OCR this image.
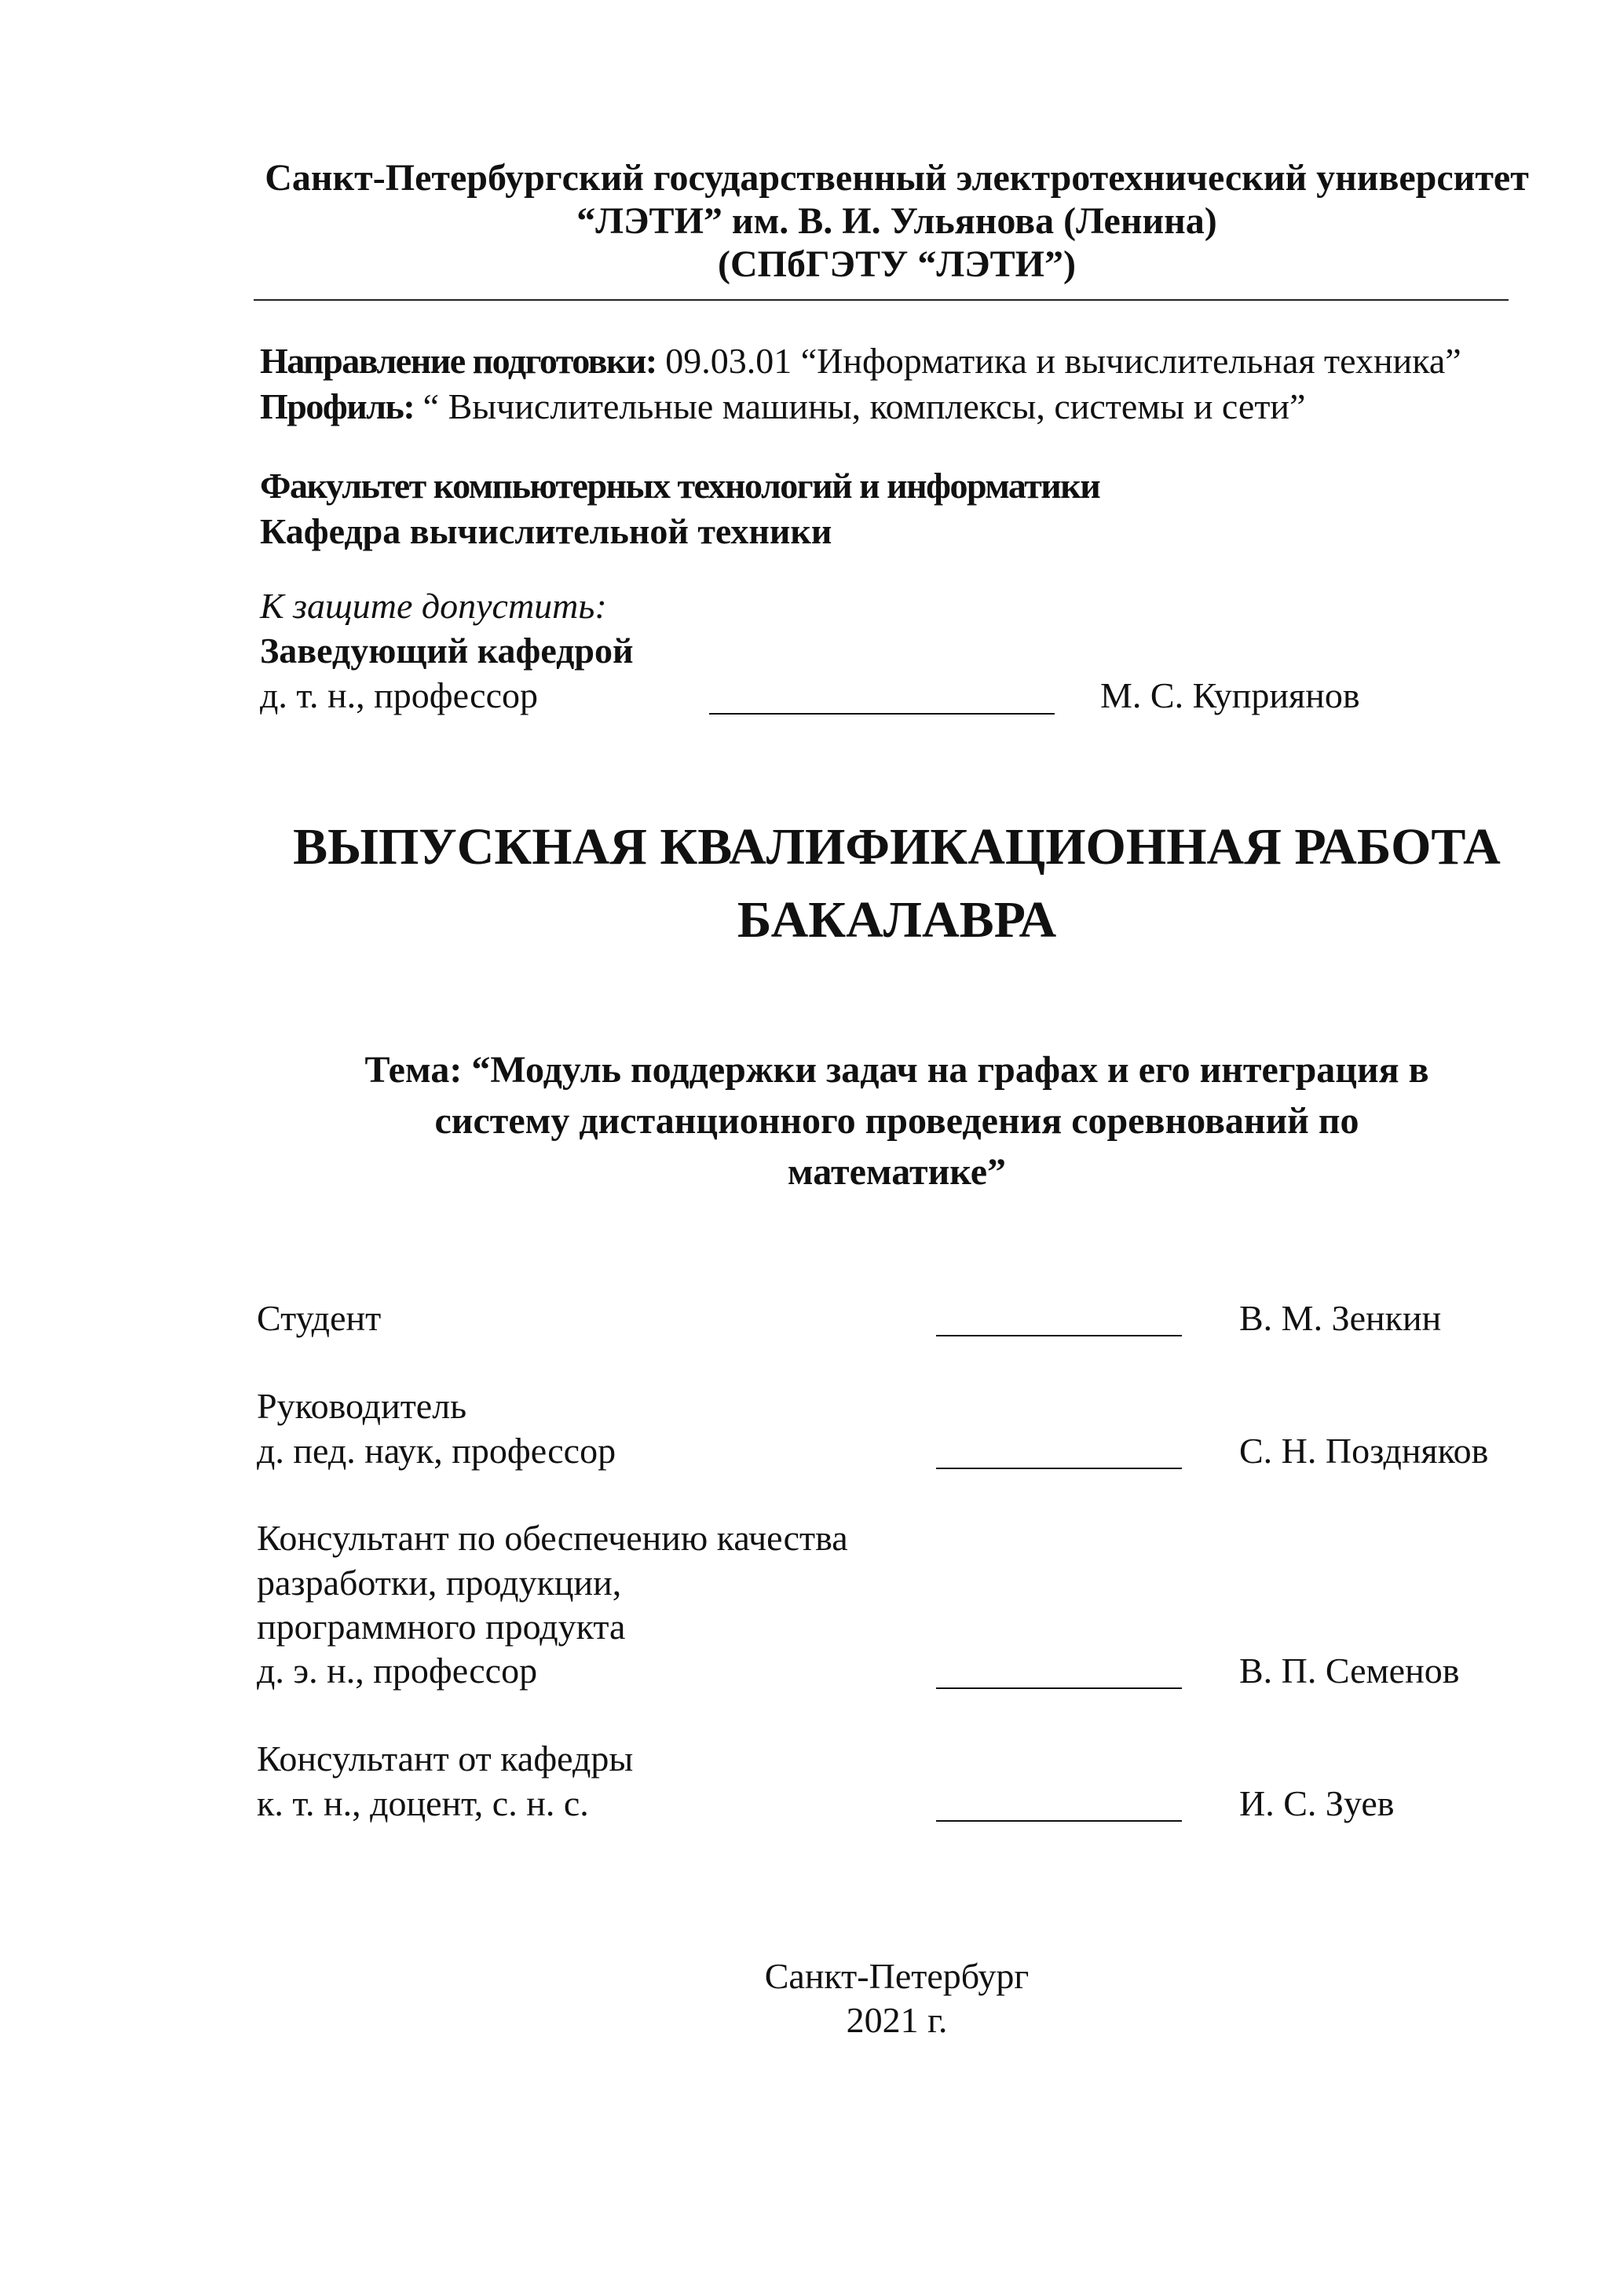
Санкт-Петербургский государственный электротехнический университет
“ЛЭТИ” им. В. И. Ульянова (Ленина)
(СПбГЭТУ “ЛЭТИ”)
Направление подготовки: 09.03.01 “Информатика и вычислительная техника”
Профиль: “ Вычислительные машины, комплексы, системы и сети”
Факультет компьютерных технологий и информатики
Кафедра вычислительной техники
К защите допустить:
Заведующий кафедрой
д. т. н., профессор	М. С. Куприянов
ВЫПУСКНАЯ КВАЛИФИКАЦИОННАЯ РАБОТА
БАКАЛАВРА
Тема: “Модуль поддержки задач на графах и его интеграция в
систему дистанционного проведения соревнований по
математике”
Студент	В. М. Зенкин
Руководитель
д. пед. наук, профессор	С. Н. Поздняков
Консультант по обеспечению качества
разработки, продукции,
программного продукта
д. э. н., профессор	В. П. Семенов
Консультант от кафедры
к. т. н., доцент, с. н. с.	И. С. Зуев
Санкт-Петербург
2021 г.
